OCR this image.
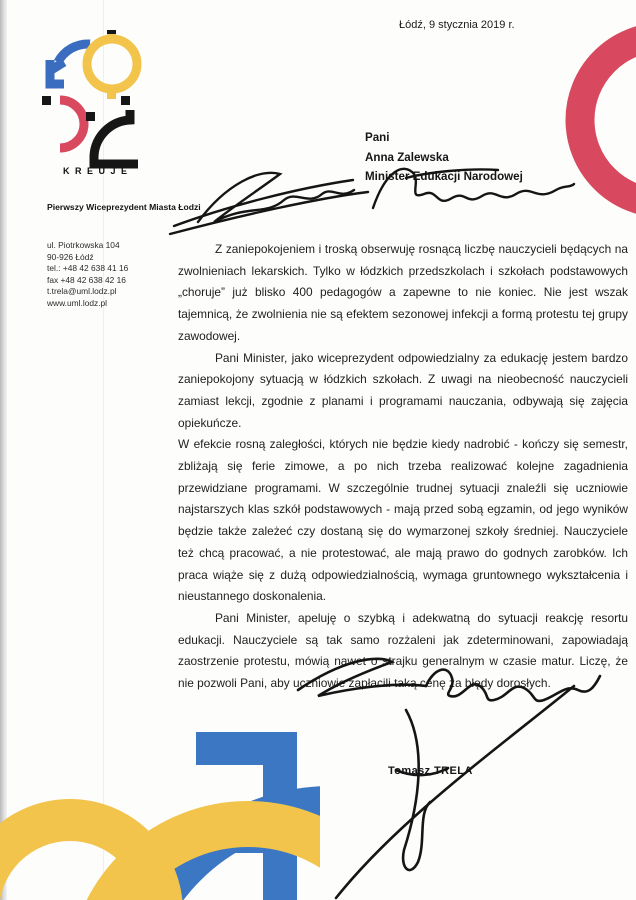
KREUJE
Pierwszy Wiceprezydent Miasta Łodzi
ul. Piotrkowska 104
90-926 Łódź
tel.: +48 42 638 41 16
fax +48 42 638 42 16
t.trela@uml.lodz.pl
www.uml.lodz.pl
Łódź, 9 stycznia 2019 r.
Pani
Anna Zalewska
Minister Edukacji Narodowej

Z zaniepokojeniem i troską obserwuję rosnącą liczbę nauczycieli będących na zwolnieniach lekarskich. Tylko w łódzkich przedszkolach i szkołach podstawowych „choruje” już blisko 400 pedagogów a zapewne to nie koniec. Nie jest wszak tajemnicą, że zwolnienia nie są efektem sezonowej infekcji a formą protestu tej grupy zawodowej.

Pani Minister, jako wiceprezydent odpowiedzialny za edukację jestem bardzo zaniepokojony sytuacją w łódzkich szkołach. Z uwagi na nieobecność nauczycieli zamiast lekcji, zgodnie z planami i programami nauczania, odbywają się zajęcia opiekuńcze.

W efekcie rosną zaległości, których nie będzie kiedy nadrobić - kończy się semestr, zbliżają się ferie zimowe, a po nich trzeba realizować kolejne zagadnienia przewidziane programami. W szczególnie trudnej sytuacji znaleźli się uczniowie najstarszych klas szkół podstawowych - mają przed sobą egzamin, od jego wyników będzie także zależeć czy dostaną się do wymarzonej szkoły średniej. Nauczyciele też chcą pracować, a nie protestować, ale mają prawo do godnych zarobków. Ich praca wiąże się z dużą odpowiedzialnością, wymaga gruntownego wykształcenia i nieustannego doskonalenia.

Pani Minister, apeluję o szybką i adekwatną do sytuacji reakcję resortu edukacji. Nauczyciele są tak samo rozżaleni jak zdeterminowani, zapowiadają zaostrzenie protestu, mówią nawet o strajku generalnym w czasie matur. Liczę, że nie pozwoli Pani, aby uczniowie zapłacili taką cenę za błędy dorosłych.

Tomasz TRELA
